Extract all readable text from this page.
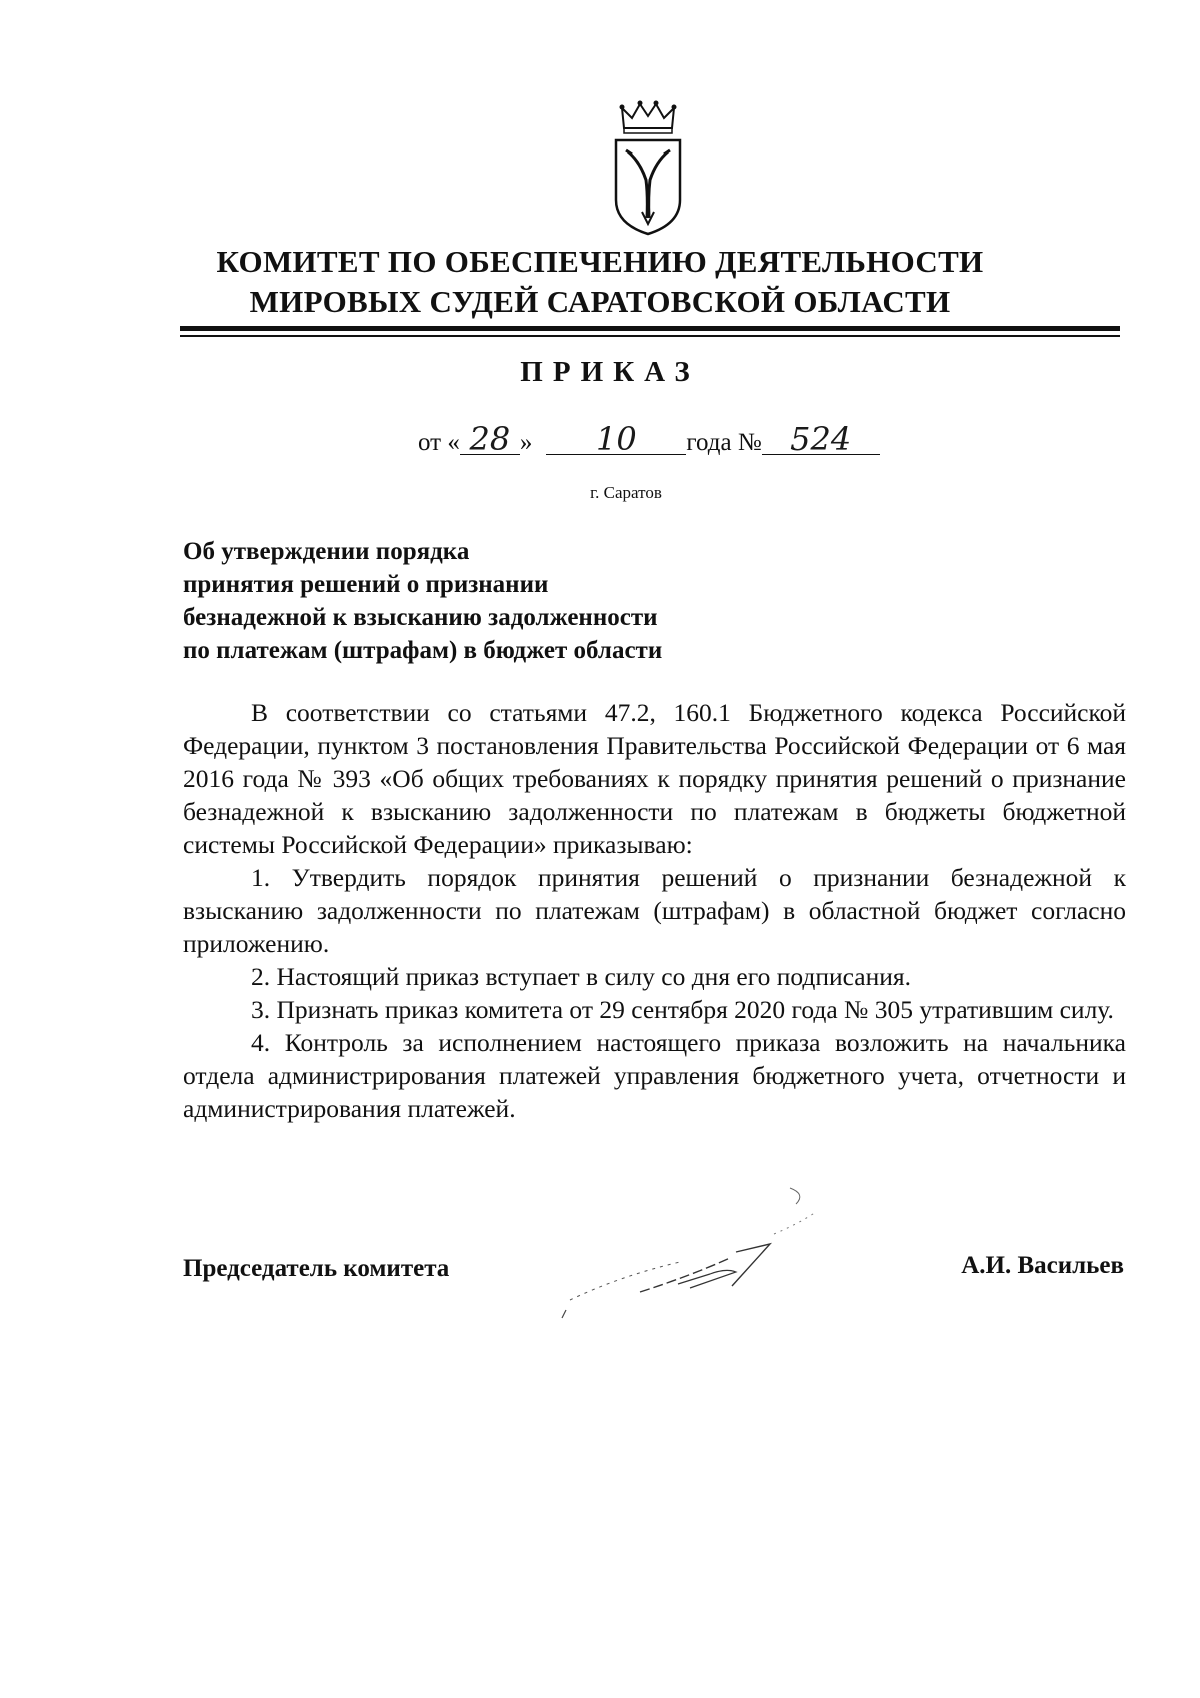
КОМИТЕТ ПО ОБЕСПЕЧЕНИЮ ДЕЯТЕЛЬНОСТИ
МИРОВЫХ СУДЕЙ САРАТОВСКОЙ ОБЛАСТИ
ПРИКАЗ
от « 28 » 10 года № 524
г. Саратов
Об утверждении порядка
принятия решений о признании
безнадежной к взысканию задолженности
по платежам (штрафам) в бюджет области

В соответствии со статьями 47.2, 160.1 Бюджетного кодекса Российской Федерации, пунктом 3 постановления Правительства Российской Федерации от 6 мая 2016 года № 393 «Об общих требованиях к порядку принятия решений о признание безнадежной к взысканию задолженности по платежам в бюджеты бюджетной системы Российской Федерации» приказываю:

1. Утвердить порядок принятия решений о признании безнадежной к взысканию задолженности по платежам (штрафам) в областной бюджет согласно приложению.

2. Настоящий приказ вступает в силу со дня его подписания.

3. Признать приказ комитета от 29 сентября 2020 года № 305 утратившим силу.

4. Контроль за исполнением настоящего приказа возложить на начальника отдела администрирования платежей управления бюджетного учета, отчетности и администрирования платежей.

Председатель комитета	А.И. Васильев
